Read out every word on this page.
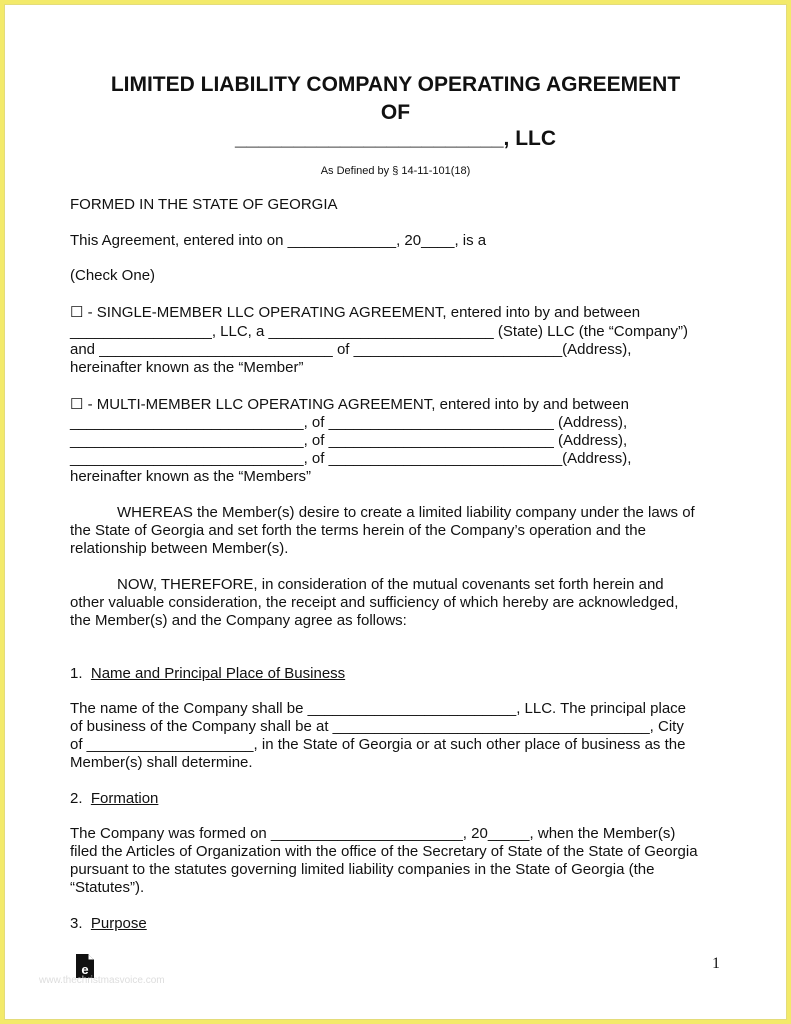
LIMITED LIABILITY COMPANY OPERATING AGREEMENT
OF
_______________________, LLC
As Defined by § 14-11-101(18)
FORMED IN THE STATE OF GEORGIA
This Agreement, entered into on _____________, 20____, is a
(Check One)
☐ - SINGLE-MEMBER LLC OPERATING AGREEMENT, entered into by and between
_________________, LLC, a ___________________________ (State) LLC (the “Company”)
and ____________________________ of _________________________(Address),
hereinafter known as the “Member”
☐ - MULTI-MEMBER LLC OPERATING AGREEMENT, entered into by and between
____________________________, of ___________________________ (Address),
____________________________, of ___________________________ (Address),
____________________________, of ____________________________(Address),
hereinafter known as the “Members”
WHEREAS the Member(s) desire to create a limited liability company under the laws of
the State of Georgia and set forth the terms herein of the Company’s operation and the
relationship between Member(s).
NOW, THEREFORE, in consideration of the mutual covenants set forth herein and
other valuable consideration, the receipt and sufficiency of which hereby are acknowledged,
the Member(s) and the Company agree as follows:
1. Name and Principal Place of Business
The name of the Company shall be _________________________, LLC. The principal place
of business of the Company shall be at ______________________________________, City
of ____________________, in the State of Georgia or at such other place of business as the
Member(s) shall determine.
2. Formation
The Company was formed on _______________________, 20_____, when the Member(s)
filed the Articles of Organization with the office of the Secretary of State of the State of Georgia
pursuant to the statutes governing limited liability companies in the State of Georgia (the
“Statutes”).
3. Purpose
e
www.thechristmasvoice.com
1
